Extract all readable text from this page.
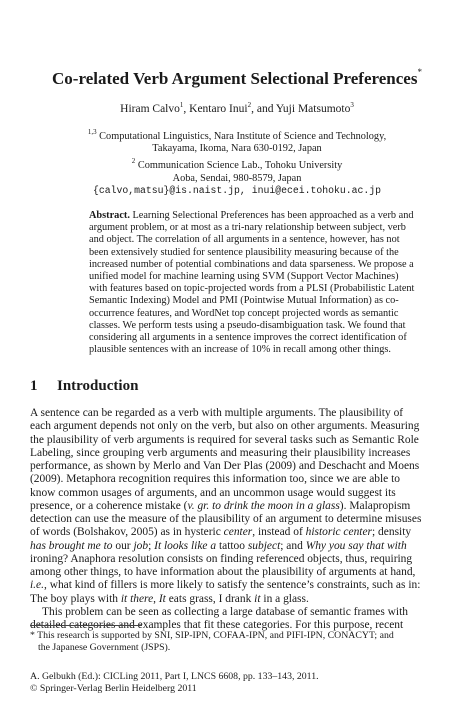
Co-related Verb Argument Selectional Preferences*
Hiram Calvo$^1$, Kentaro Inui$^2$, and Yuji Matsumoto$^3$
$^{1,3}$ Computational Linguistics, Nara Institute of Science and Technology,
Takayama, Ikoma, Nara 630-0192, Japan
$^2$ Communication Science Lab., Tohoku University
Aoba, Sendai, 980-8579, Japan
{calvo,matsu}@is.naist.jp, inui@ecei.tohoku.ac.jp
Abstract. Learning Selectional Preferences has been approached as a verb and
argument problem, or at most as a tri-nary relationship between subject, verb
and object. The correlation of all arguments in a sentence, however, has not
been extensively studied for sentence plausibility measuring because of the
increased number of potential combinations and data sparseness. We propose a
unified model for machine learning using SVM (Support Vector Machines)
with features based on topic-projected words from a PLSI (Probabilistic Latent
Semantic Indexing) Model and PMI (Pointwise Mutual Information) as co-
occurrence features, and WordNet top concept projected words as semantic
classes. We perform tests using a pseudo-disambiguation task. We found that
considering all arguments in a sentence improves the correct identification of
plausible sentences with an increase of 10% in recall among other things.
1 Introduction
A sentence can be regarded as a verb with multiple arguments. The plausibility of
each argument depends not only on the verb, but also on other arguments. Measuring
the plausibility of verb arguments is required for several tasks such as Semantic Role
Labeling, since grouping verb arguments and measuring their plausibility increases
performance, as shown by Merlo and Van Der Plas (2009) and Deschacht and Moens
(2009). Metaphora recognition requires this information too, since we are able to
know common usages of arguments, and an uncommon usage would suggest its
presence, or a coherence mistake (v. gr. to drink the moon in a glass). Malapropism
detection can use the measure of the plausibility of an argument to determine misuses
of words (Bolshakov, 2005) as in hysteric center, instead of historic center; density
has brought me to our job; It looks like a tattoo subject; and Why you say that with
ironing? Anaphora resolution consists on finding referenced objects, thus, requiring
among other things, to have information about the plausibility of arguments at hand,
i.e., what kind of fillers is more likely to satisfy the sentence’s constraints, such as in:
The boy plays with it there, It eats grass, I drank it in a glass.
This problem can be seen as collecting a large database of semantic frames with
detailed categories and examples that fit these categories. For this purpose, recent
* This research is supported by SNI, SIP-IPN, COFAA-IPN, and PIFI-IPN, CONACYT; and
the Japanese Government (JSPS).
A. Gelbukh (Ed.): CICLing 2011, Part I, LNCS 6608, pp. 133–143, 2011.
© Springer-Verlag Berlin Heidelberg 2011
